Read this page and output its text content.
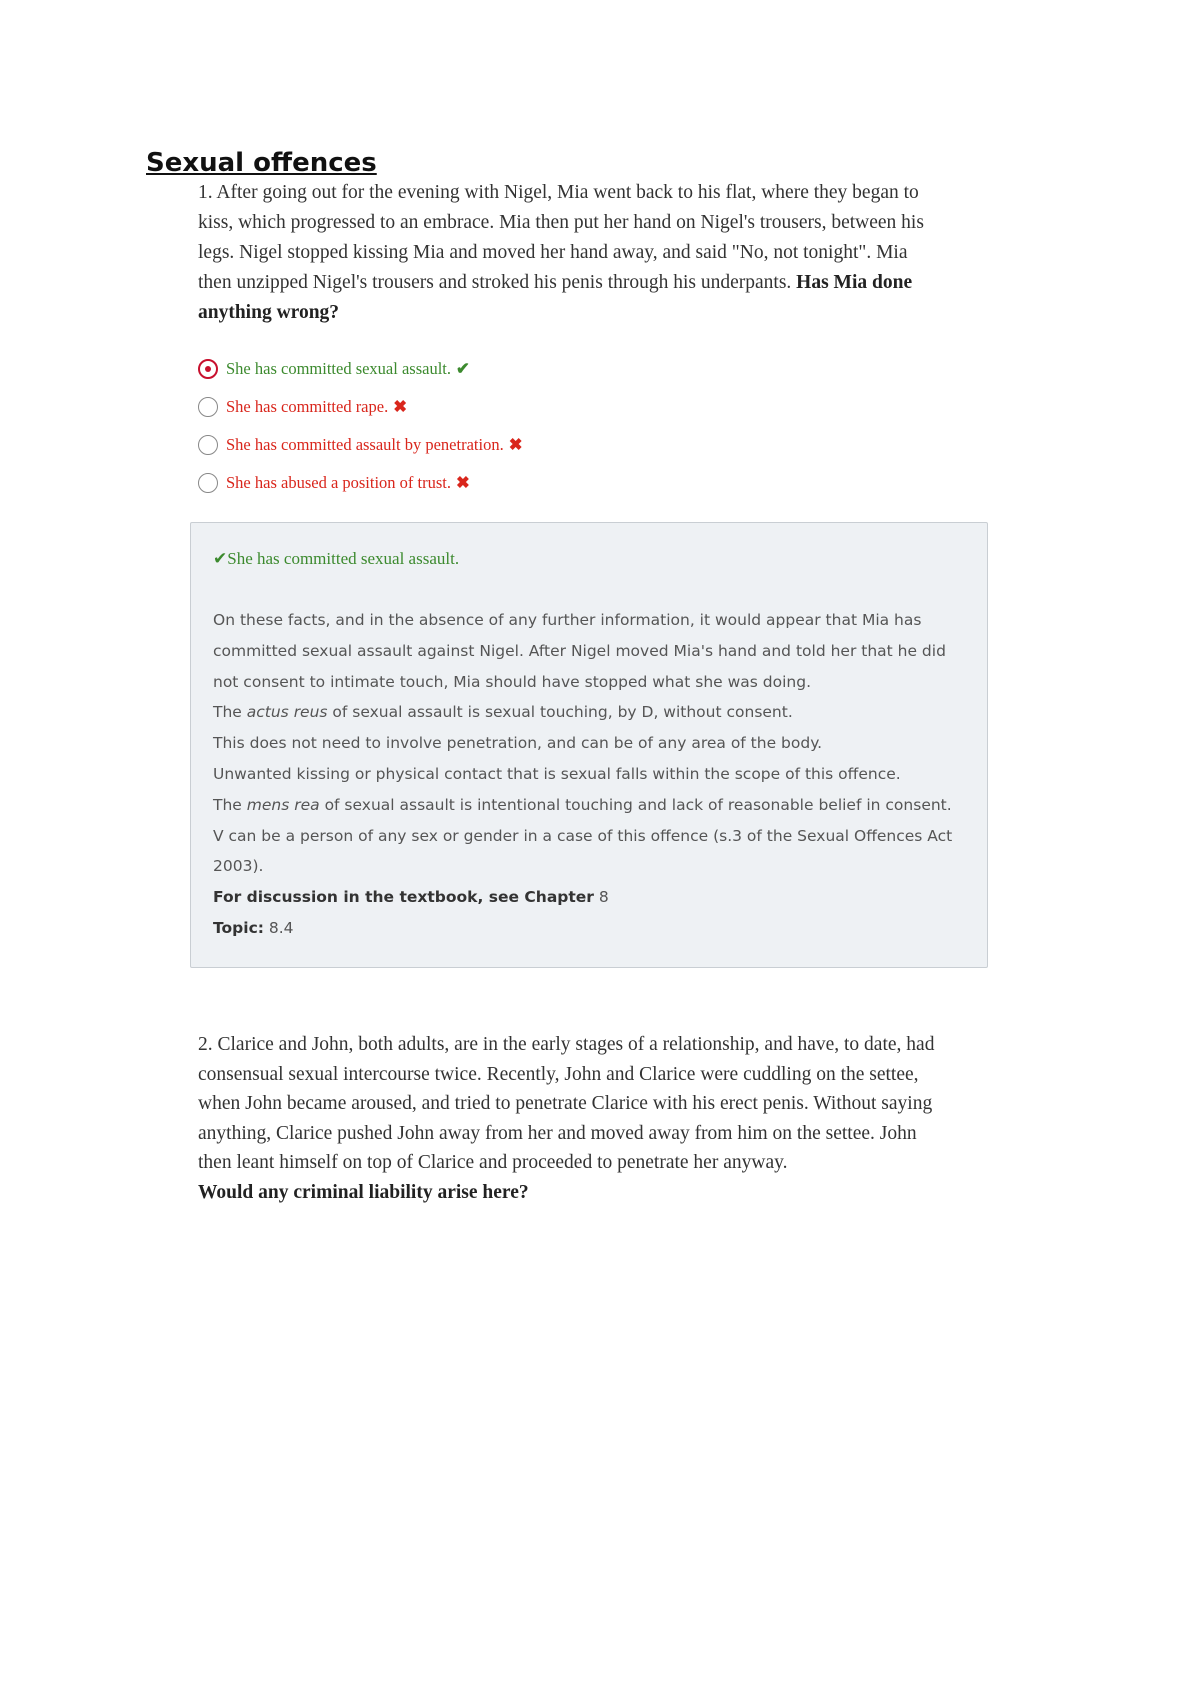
Sexual offences

1. After going out for the evening with Nigel, Mia went back to his flat, where they began to kiss, which progressed to an embrace. Mia then put her hand on Nigel's trousers, between his legs. Nigel stopped kissing Mia and moved her hand away, and said "No, not tonight". Mia then unzipped Nigel's trousers and stroked his penis through his underpants. Has Mia done anything wrong?

She has committed sexual assault. ✔
She has committed rape. ✖
She has committed assault by penetration. ✖
She has abused a position of trust. ✖

✔She has committed sexual assault.

On these facts, and in the absence of any further information, it would appear that Mia has committed sexual assault against Nigel. After Nigel moved Mia's hand and told her that he did not consent to intimate touch, Mia should have stopped what she was doing.

The actus reus of sexual assault is sexual touching, by D, without consent.

This does not need to involve penetration, and can be of any area of the body.

Unwanted kissing or physical contact that is sexual falls within the scope of this offence.

The mens rea of sexual assault is intentional touching and lack of reasonable belief in consent. V can be a person of any sex or gender in a case of this offence (s.3 of the Sexual Offences Act 2003).

For discussion in the textbook, see Chapter 8

Topic: 8.4

2. Clarice and John, both adults, are in the early stages of a relationship, and have, to date, had consensual sexual intercourse twice. Recently, John and Clarice were cuddling on the settee, when John became aroused, and tried to penetrate Clarice with his erect penis. Without saying anything, Clarice pushed John away from her and moved away from him on the settee. John then leant himself on top of Clarice and proceeded to penetrate her anyway.
Would any criminal liability arise here?
